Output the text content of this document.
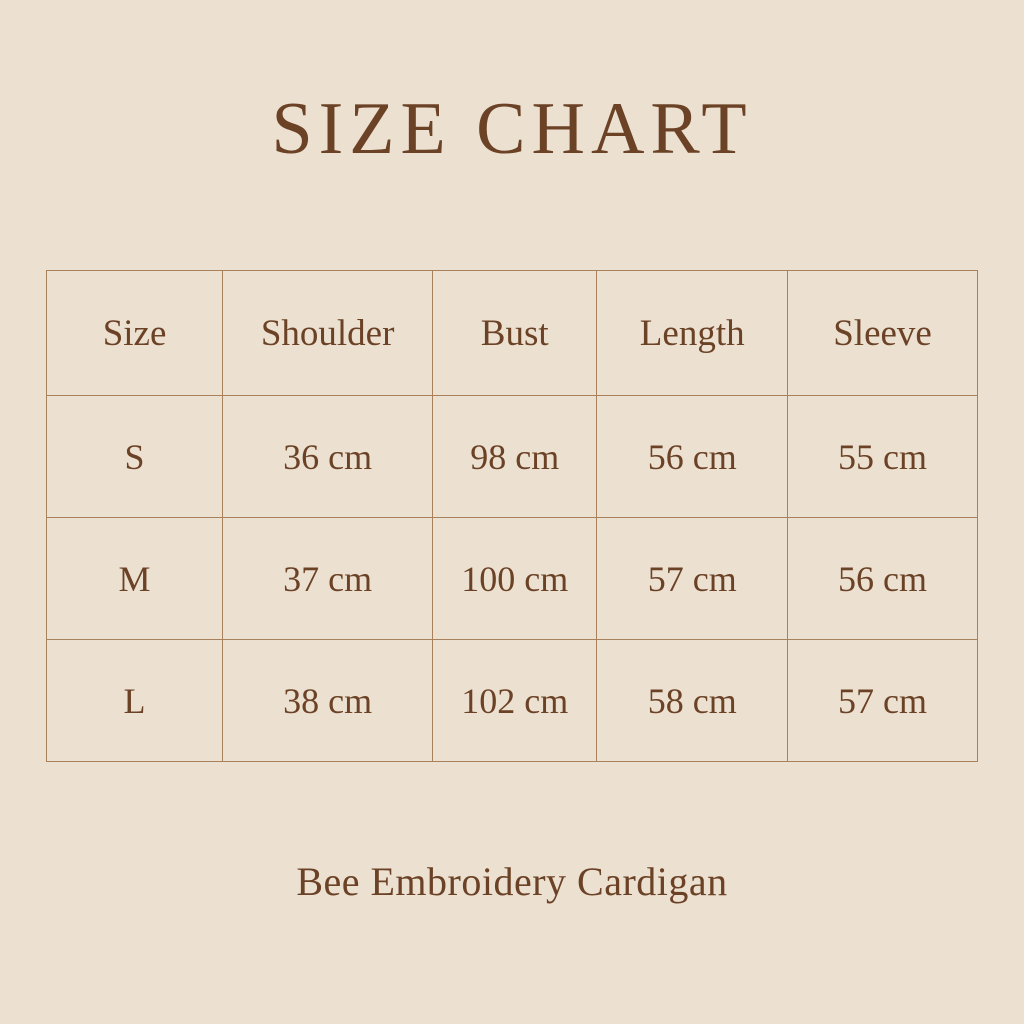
SIZE CHART
Size	Shoulder	Bust	Length	Sleeve
S	36 cm	98 cm	56 cm	55 cm
M	37 cm	100 cm	57 cm	56 cm
L	38 cm	102 cm	58 cm	57 cm
Bee Embroidery Cardigan
